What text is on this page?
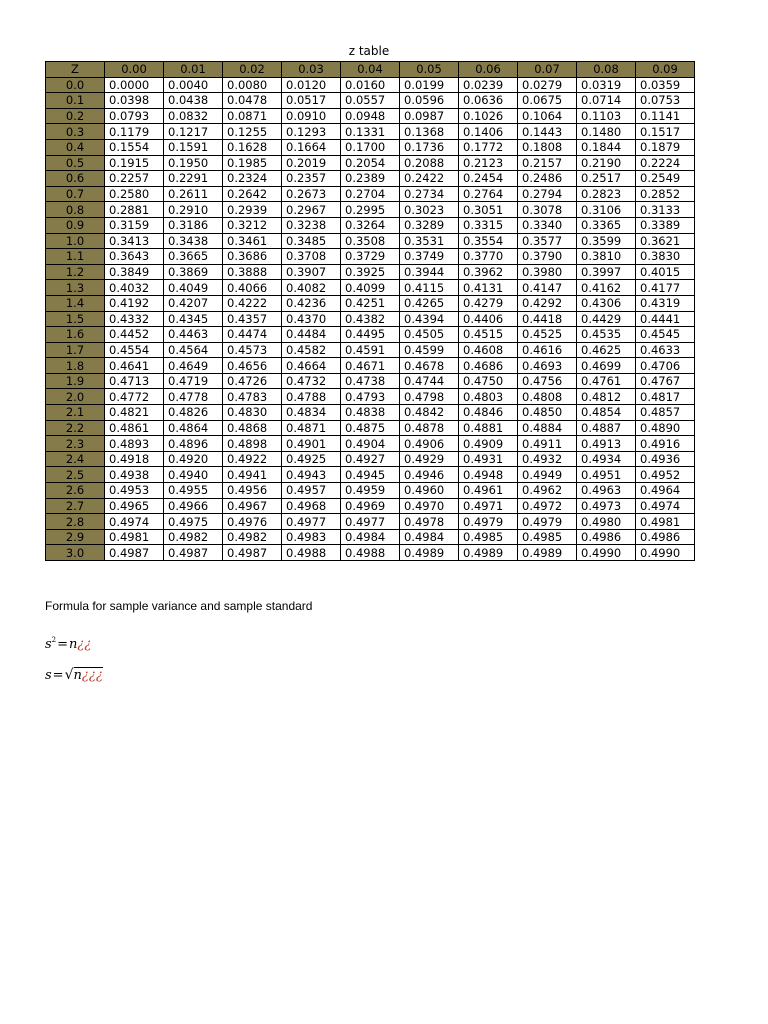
z table
Z	0.00	0.01	0.02	0.03	0.04	0.05	0.06	0.07	0.08	0.09
0.0	0.0000	0.0040	0.0080	0.0120	0.0160	0.0199	0.0239	0.0279	0.0319	0.0359
0.1	0.0398	0.0438	0.0478	0.0517	0.0557	0.0596	0.0636	0.0675	0.0714	0.0753
0.2	0.0793	0.0832	0.0871	0.0910	0.0948	0.0987	0.1026	0.1064	0.1103	0.1141
0.3	0.1179	0.1217	0.1255	0.1293	0.1331	0.1368	0.1406	0.1443	0.1480	0.1517
0.4	0.1554	0.1591	0.1628	0.1664	0.1700	0.1736	0.1772	0.1808	0.1844	0.1879
0.5	0.1915	0.1950	0.1985	0.2019	0.2054	0.2088	0.2123	0.2157	0.2190	0.2224
0.6	0.2257	0.2291	0.2324	0.2357	0.2389	0.2422	0.2454	0.2486	0.2517	0.2549
0.7	0.2580	0.2611	0.2642	0.2673	0.2704	0.2734	0.2764	0.2794	0.2823	0.2852
0.8	0.2881	0.2910	0.2939	0.2967	0.2995	0.3023	0.3051	0.3078	0.3106	0.3133
0.9	0.3159	0.3186	0.3212	0.3238	0.3264	0.3289	0.3315	0.3340	0.3365	0.3389
1.0	0.3413	0.3438	0.3461	0.3485	0.3508	0.3531	0.3554	0.3577	0.3599	0.3621
1.1	0.3643	0.3665	0.3686	0.3708	0.3729	0.3749	0.3770	0.3790	0.3810	0.3830
1.2	0.3849	0.3869	0.3888	0.3907	0.3925	0.3944	0.3962	0.3980	0.3997	0.4015
1.3	0.4032	0.4049	0.4066	0.4082	0.4099	0.4115	0.4131	0.4147	0.4162	0.4177
1.4	0.4192	0.4207	0.4222	0.4236	0.4251	0.4265	0.4279	0.4292	0.4306	0.4319
1.5	0.4332	0.4345	0.4357	0.4370	0.4382	0.4394	0.4406	0.4418	0.4429	0.4441
1.6	0.4452	0.4463	0.4474	0.4484	0.4495	0.4505	0.4515	0.4525	0.4535	0.4545
1.7	0.4554	0.4564	0.4573	0.4582	0.4591	0.4599	0.4608	0.4616	0.4625	0.4633
1.8	0.4641	0.4649	0.4656	0.4664	0.4671	0.4678	0.4686	0.4693	0.4699	0.4706
1.9	0.4713	0.4719	0.4726	0.4732	0.4738	0.4744	0.4750	0.4756	0.4761	0.4767
2.0	0.4772	0.4778	0.4783	0.4788	0.4793	0.4798	0.4803	0.4808	0.4812	0.4817
2.1	0.4821	0.4826	0.4830	0.4834	0.4838	0.4842	0.4846	0.4850	0.4854	0.4857
2.2	0.4861	0.4864	0.4868	0.4871	0.4875	0.4878	0.4881	0.4884	0.4887	0.4890
2.3	0.4893	0.4896	0.4898	0.4901	0.4904	0.4906	0.4909	0.4911	0.4913	0.4916
2.4	0.4918	0.4920	0.4922	0.4925	0.4927	0.4929	0.4931	0.4932	0.4934	0.4936
2.5	0.4938	0.4940	0.4941	0.4943	0.4945	0.4946	0.4948	0.4949	0.4951	0.4952
2.6	0.4953	0.4955	0.4956	0.4957	0.4959	0.4960	0.4961	0.4962	0.4963	0.4964
2.7	0.4965	0.4966	0.4967	0.4968	0.4969	0.4970	0.4971	0.4972	0.4973	0.4974
2.8	0.4974	0.4975	0.4976	0.4977	0.4977	0.4978	0.4979	0.4979	0.4980	0.4981
2.9	0.4981	0.4982	0.4982	0.4983	0.4984	0.4984	0.4985	0.4985	0.4986	0.4986
3.0	0.4987	0.4987	0.4987	0.4988	0.4988	0.4989	0.4989	0.4989	0.4990	0.4990
Formula for sample variance and sample standard
$s^2=n¿¿$
s=√n¿¿¿
